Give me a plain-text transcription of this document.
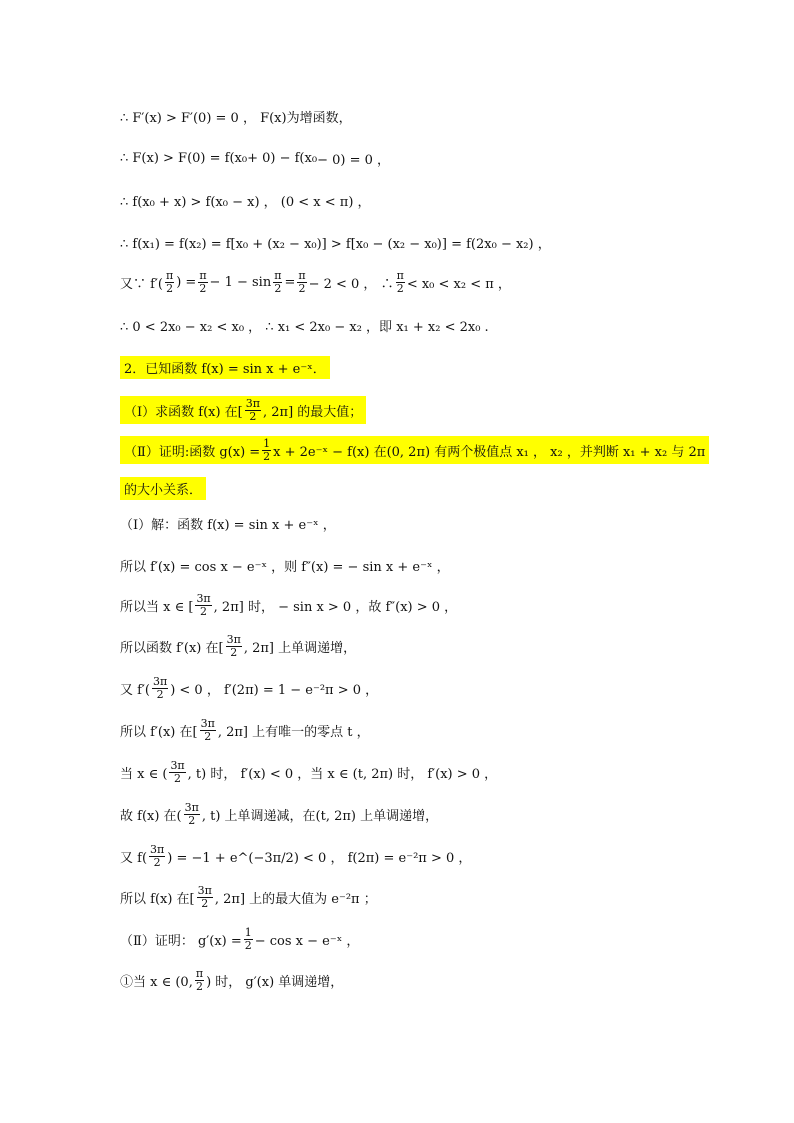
∴ F′(x) > F′(0) = 0 ， F(x)为增函数，
∴ F(x) > F(0) = f(x ₀ + 0) − f(x ₀ − 0) = 0 ，
∴ f(x₀ + x) > f(x₀ − x) ， (0 < x < π) ，
∴ f(x₁) = f(x₂) = f[x₀ + (x₂ − x₀)] > f[x₀ − (x₂ − x₀)] = f(2x₀ − x₂) ，
又∵ $f'( \frac{\pi}{2}$ ) = $\frac{\pi}{2} - 1 - \sin \frac{\pi}{2} = \frac{\pi}{2} - 2 < 0$ ， ∴ $\frac{\pi}{2} < x_0 < x_2 < \pi$ ，
∴ 0 < 2x₀ − x₂ < x₀ ， ∴ x₁ < 2x₀ − x₂ ，即 x₁ + x₂ < 2x₀ .
2．已知函数 f(x) = sin x + e⁻ˣ．
（Ⅰ）求函数 f(x) 在[ $\frac{3\pi}{2}$ , 2π] 的最大值；
（Ⅱ）证明:函数 $g(x) = \frac{1}{2}$ x + 2e⁻ˣ − f(x) 在(0, 2π) 有两个极值点 x₁ ， x₂ ，并判断 x₁ + x₂ 与 2π
的大小关系．
（Ⅰ）解：函数 f(x) = sin x + e⁻ˣ ，
所以 f′(x) = cos x − e⁻ˣ ，则 f″(x) = − sin x + e⁻ˣ ，
所以当 x ∈ [ $\frac{3\pi}{2}$ , 2π] 时， − sin x > 0 ，故 f″(x) > 0 ，
所以函数 f′(x) 在[ $\frac{3\pi}{2}$ , 2π] 上单调递增，
又 $f'( \frac{3\pi}{2}$ ) < 0 ， f′(2π) = 1 − e⁻²π > 0 ，
所以 f′(x) 在[ $\frac{3\pi}{2}$ , 2π] 上有唯一的零点 t ，
当 x ∈ ( $\frac{3\pi}{2}$ , t) 时， f′(x) < 0 ，当 x ∈ (t, 2π) 时， f′(x) > 0 ，
故 f(x) 在( $\frac{3\pi}{2}$ , t) 上单调递减，在(t, 2π) 上单调递增，
又 $f( \frac{3\pi}{2}$ ) = −1 + e^(−3π/2) < 0 ， f(2π) = e⁻²π > 0 ，
所以 f(x) 在[ $\frac{3\pi}{2}$ , 2π] 上的最大值为 e⁻²π ；
（Ⅱ）证明： $g'(x) = \frac{1}{2} - \cos x$ − e⁻ˣ ，
①当 x ∈ (0, $\frac{\pi}{2}$ ) 时， g′(x) 单调递增，
